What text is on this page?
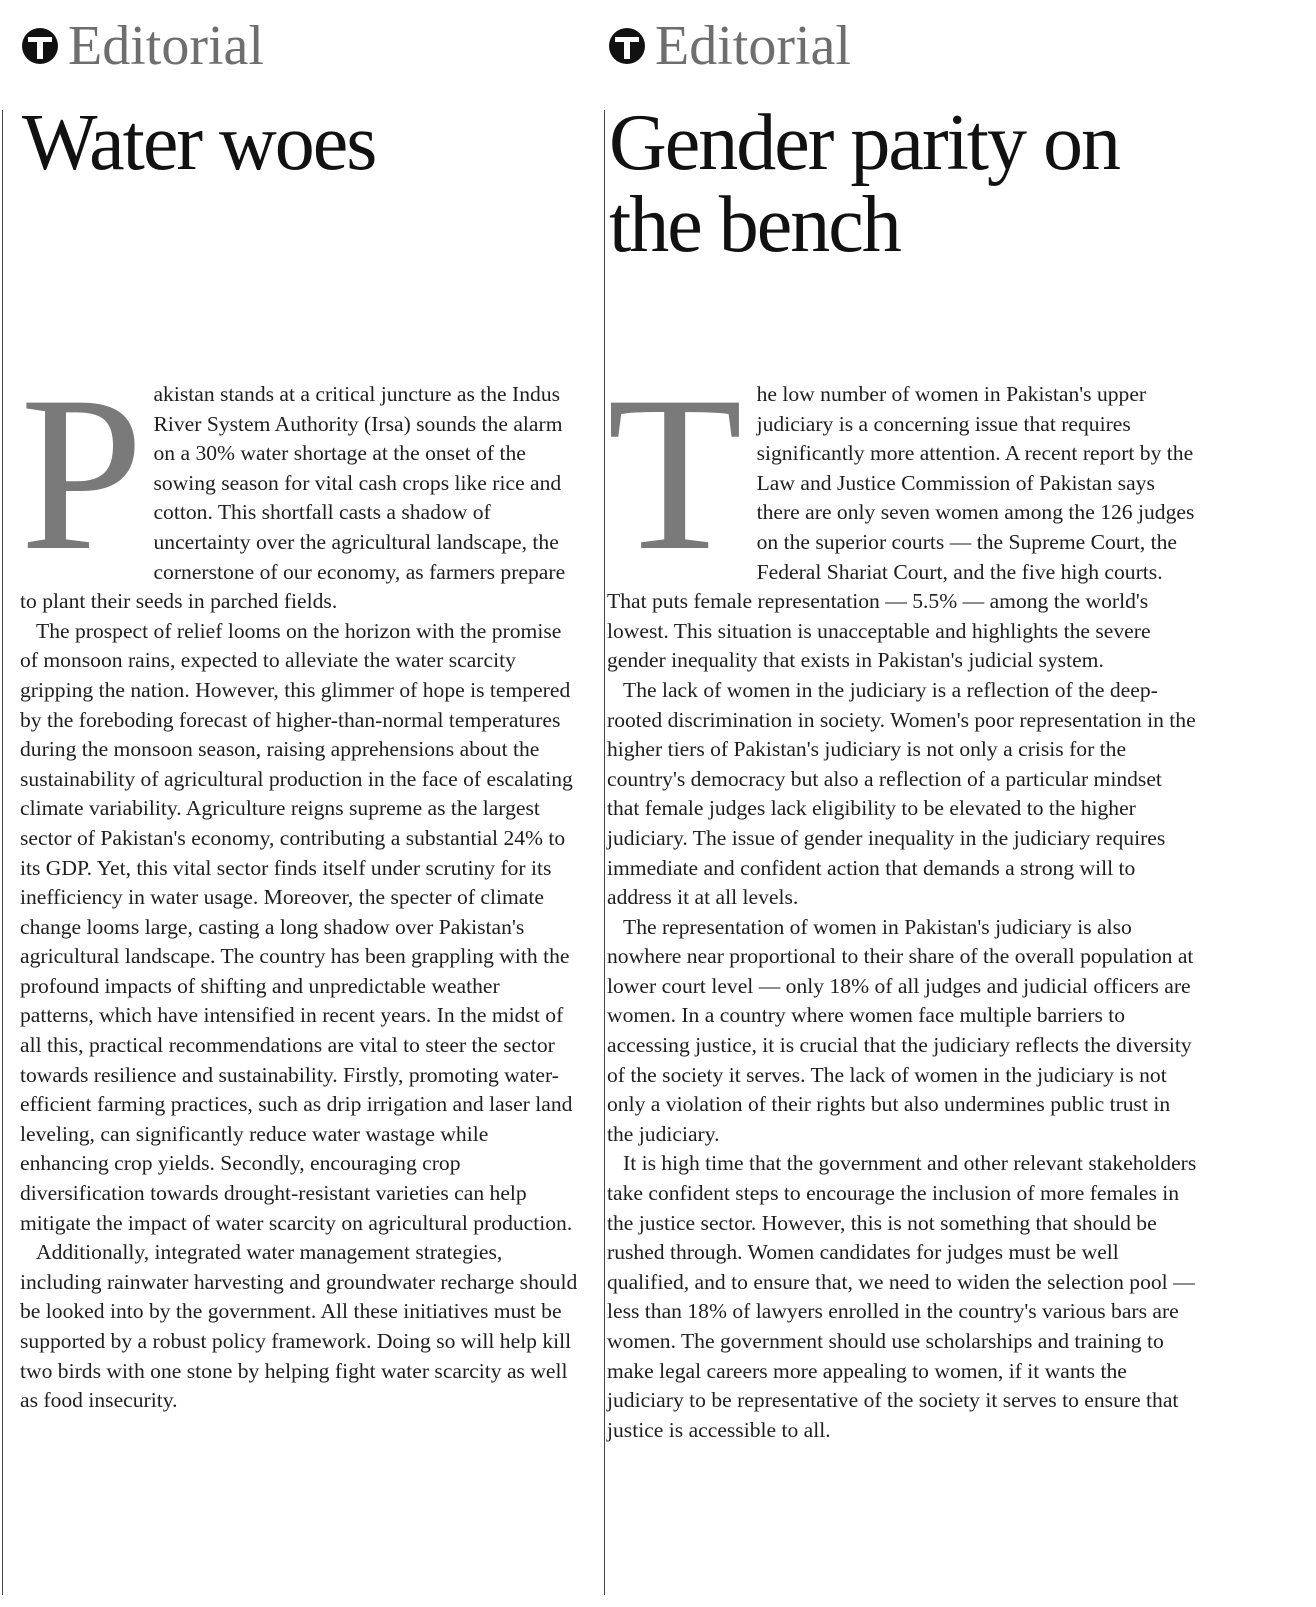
Editorial
Water woes
P akistan stands at a critical juncture as the Indus River System Authority (Irsa) sounds the alarm on a 30% water shortage at the onset of the sowing season for vital cash crops like rice and cotton. This shortfall casts a shadow of uncertainty over the agricultural landscape, the cornerstone of our economy, as farmers prepare to plant their seeds in parched fields.

The prospect of relief looms on the horizon with the promise of monsoon rains, expected to alleviate the water scarcity gripping the nation. However, this glimmer of hope is tempered by the foreboding forecast of higher-than-normal temperatures during the monsoon season, raising apprehensions about the sustainability of agricultural production in the face of escalating climate variability. Agriculture reigns supreme as the largest sector of Pakistan's economy, contributing a substantial 24% to its GDP. Yet, this vital sector finds itself under scrutiny for its inefficiency in water usage. Moreover, the specter of climate change looms large, casting a long shadow over Pakistan's agricultural landscape. The country has been grappling with the profound impacts of shifting and unpredictable weather patterns, which have intensified in recent years. In the midst of all this, practical recommendations are vital to steer the sector towards resilience and sustainability. Firstly, promoting water-efficient farming practices, such as drip irrigation and laser land leveling, can significantly reduce water wastage while enhancing crop yields. Secondly, encouraging crop diversification towards drought-resistant varieties can help mitigate the impact of water scarcity on agricultural production.

Additionally, integrated water management strategies, including rainwater harvesting and groundwater recharge should be looked into by the government. All these initiatives must be supported by a robust policy framework. Doing so will help kill two birds with one stone by helping fight water scarcity as well as food insecurity.

Editorial
Gender parity on the bench
T he low number of women in Pakistan's upper judiciary is a concerning issue that requires significantly more attention. A recent report by the Law and Justice Commission of Pakistan says there are only seven women among the 126 judges on the superior courts — the Supreme Court, the Federal Shariat Court, and the five high courts. That puts female representation — 5.5% — among the world's lowest. This situation is unacceptable and highlights the severe gender inequality that exists in Pakistan's judicial system.

The lack of women in the judiciary is a reflection of the deep-rooted discrimination in society. Women's poor representation in the higher tiers of Pakistan's judiciary is not only a crisis for the country's democracy but also a reflection of a particular mindset that female judges lack eligibility to be elevated to the higher judiciary. The issue of gender inequality in the judiciary requires immediate and confident action that demands a strong will to address it at all levels.

The representation of women in Pakistan's judiciary is also nowhere near proportional to their share of the overall population at lower court level — only 18% of all judges and judicial officers are women. In a country where women face multiple barriers to accessing justice, it is crucial that the judiciary reflects the diversity of the society it serves. The lack of women in the judiciary is not only a violation of their rights but also undermines public trust in the judiciary.

It is high time that the government and other relevant stakeholders take confident steps to encourage the inclusion of more females in the justice sector. However, this is not something that should be rushed through. Women candidates for judges must be well qualified, and to ensure that, we need to widen the selection pool — less than 18% of lawyers enrolled in the country's various bars are women. The government should use scholarships and training to make legal careers more appealing to women, if it wants the judiciary to be representative of the society it serves to ensure that justice is accessible to all.
